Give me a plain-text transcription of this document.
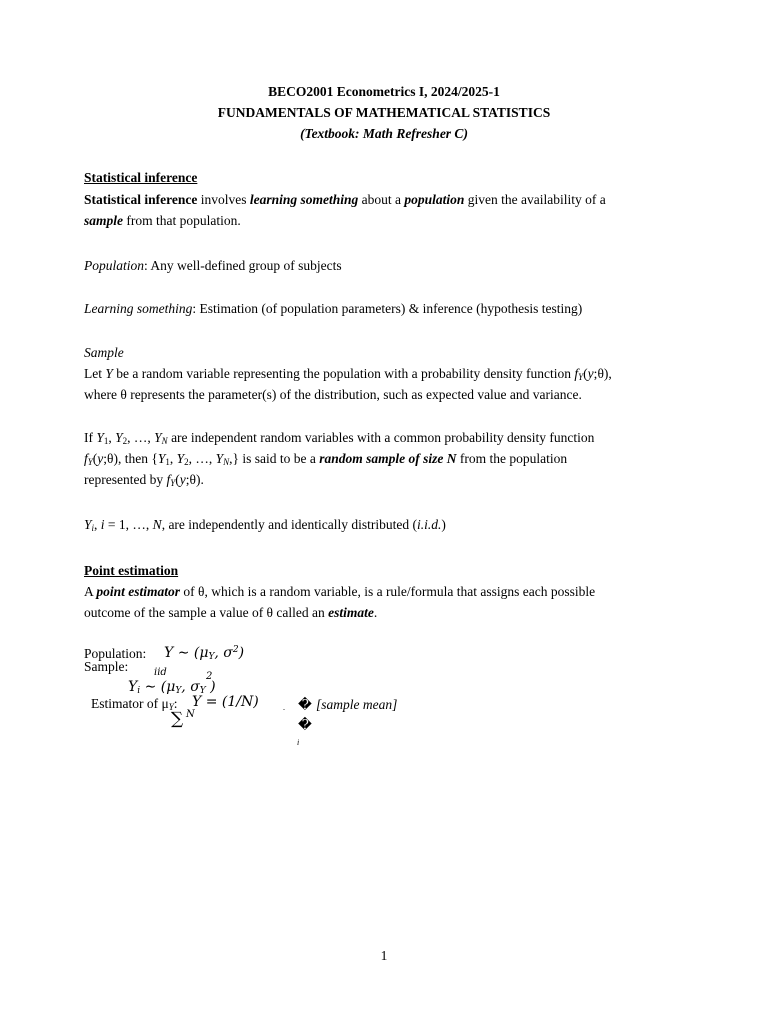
BECO2001 Econometrics I, 2024/2025-1
FUNDAMENTALS OF MATHEMATICAL STATISTICS
(Textbook: Math Refresher C)
Statistical inference
Statistical inference involves learning something about a population given the availability of a
sample from that population.
Population: Any well-defined group of subjects
Learning something: Estimation (of population parameters) & inference (hypothesis testing)
Sample
Let Y be a random variable representing the population with a probability density function $f_Y(y;\theta)$,
where θ represents the parameter(s) of the distribution, such as expected value and variance.
If $Y_1$, $Y_2$, …, $Y_N$ are independent random variables with a common probability density function
$f_Y(y;\theta)$, then {$Y_1$, $Y_2$, …, $Y_N$,} is said to be a random sample of size N from the population
represented by $f_Y(y;\theta)$.
$Y_i$, i = 1, …, N, are independently and identically distributed (i.i.d.)
Point estimation
A point estimator of θ, which is a random variable, is a rule/formula that assigns each possible
outcome of the sample a value of θ called an estimate.
Population: Y ∼ ($\mu_Y$, $\sigma^2$)
Sample:	iid	2
$Y_i$ ∼ ($\mu_Y$, $\sigma_Y$ )
Estimator of $\mu_Y$: Y = (1/N)	. � [sample mean]
∑ N
�
i
1
